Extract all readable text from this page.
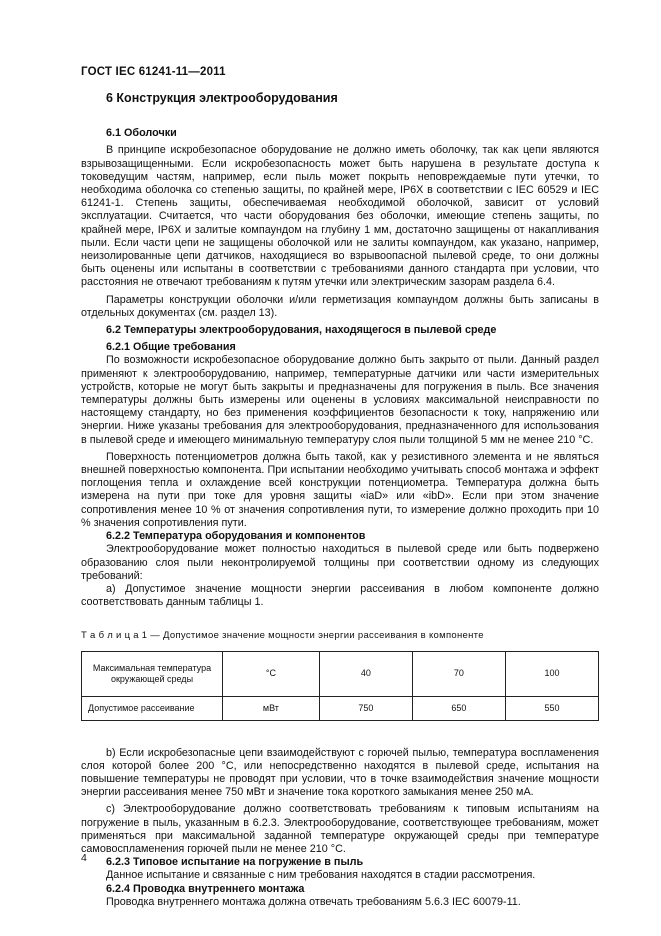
ГОСТ IEC 61241-11—2011
6 Конструкция электрооборудования
6.1 Оболочки

В принципе искробезопасное оборудование не должно иметь оболочку, так как цепи являются взрывозащищенными. Если искробезопасность может быть нарушена в результате доступа к токоведущим частям, например, если пыль может покрыть неповреждаемые пути утечки, то необходима оболочка со степенью защиты, по крайней мере, IP6X в соответствии с IEC 60529 и IEC 61241-1. Степень защиты, обеспечиваемая необходимой оболочкой, зависит от условий эксплуатации. Считается, что части оборудования без оболочки, имеющие степень защиты, по крайней мере, IP6X и залитые компаундом на глубину 1 мм, достаточно защищены от накапливания пыли. Если части цепи не защищены оболочкой или не залиты компаундом, как указано, например, неизолированные цепи датчиков, находящиеся во взрывоопасной пылевой среде, то они должны быть оценены или испытаны в соответствии с требованиями данного стандарта при условии, что расстояния не отвечают требованиям к путям утечки или электрическим зазорам раздела 6.4.

Параметры конструкции оболочки и/или герметизация компаундом должны быть записаны в отдельных документах (см. раздел 13).

6.2 Температуры электрооборудования, находящегося в пылевой среде
6.2.1 Общие требования

По возможности искробезопасное оборудование должно быть закрыто от пыли. Данный раздел применяют к электрооборудованию, например, температурные датчики или части измерительных устройств, которые не могут быть закрыты и предназначены для погружения в пыль. Все значения температуры должны быть измерены или оценены в условиях максимальной неисправности по настоящему стандарту, но без применения коэффициентов безопасности к току, напряжению или энергии. Ниже указаны требования для электрооборудования, предназначенного для использования в пылевой среде и имеющего минимальную температуру слоя пыли толщиной 5 мм не менее 210 °С.

Поверхность потенциометров должна быть такой, как у резистивного элемента и не являться внешней поверхностью компонента. При испытании необходимо учитывать способ монтажа и эффект поглощения тепла и охлаждение всей конструкции потенциометра. Температура должна быть измерена на пути при токе для уровня защиты «iaD» или «ibD». Если при этом значение сопротивления менее 10 % от значения сопротивления пути, то измерение должно проходить при 10 % значения сопротивления пути.

6.2.2 Температура оборудования и компонентов

Электрооборудование может полностью находиться в пылевой среде или быть подвержено образованию слоя пыли неконтролируемой толщины при соответствии одному из следующих требований:

а) Допустимое значение мощности энергии рассеивания в любом компоненте должно соответствовать данным таблицы 1.

Т а б л и ц а 1 — Допустимое значение мощности энергии рассеивания в компоненте
Максимальная температура окружающей среды	°С	40	70	100
Допустимое рассеивание	мВт	750	650	550

b) Если искробезопасные цепи взаимодействуют с горючей пылью, температура воспламенения слоя которой более 200 °С, или непосредственно находятся в пылевой среде, испытания на повышение температуры не проводят при условии, что в точке взаимодействия значение мощности энергии рассеивания менее 750 мВт и значение тока короткого замыкания менее 250 мА.

с) Электрооборудование должно соответствовать требованиям к типовым испытаниям на погружение в пыль, указанным в 6.2.3. Электрооборудование, соответствующее требованиям, может применяться при максимальной заданной температуре окружающей среды при температуре самовоспламенения горючей пыли не менее 210 °С.

6.2.3 Типовое испытание на погружение в пыль

Данное испытание и связанные с ним требования находятся в стадии рассмотрения.

6.2.4 Проводка внутреннего монтажа

Проводка внутреннего монтажа должна отвечать требованиям 5.6.3 IEC 60079-11.

4
